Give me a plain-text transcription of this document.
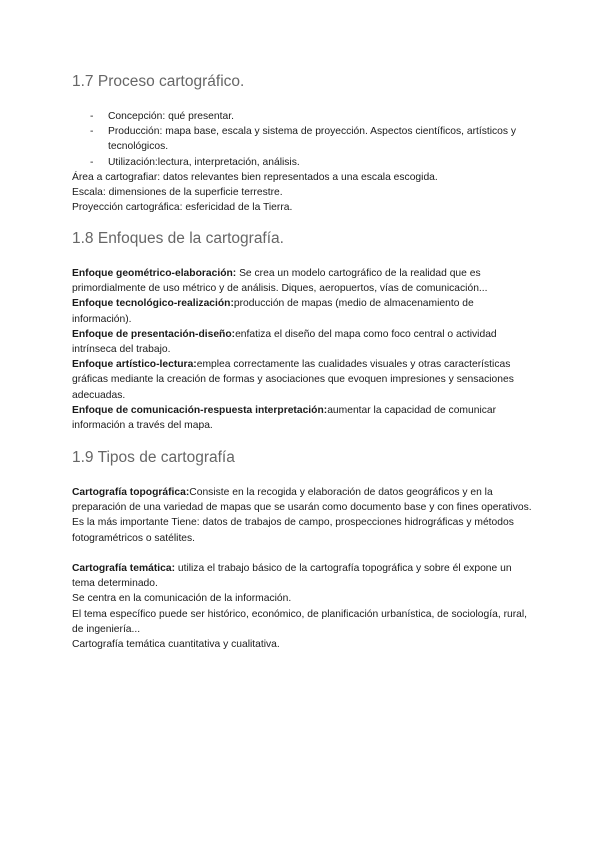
1.7 Proceso cartográfico.
- Concepción: qué presentar.
- Producción: mapa base, escala y sistema de proyección. Aspectos científicos, artísticos y tecnológicos.
- Utilización:lectura, interpretación, análisis.

Área a cartografiar: datos relevantes bien representados a una escala escogida.

Escala: dimensiones de la superficie terrestre.

Proyección cartográfica: esfericidad de la Tierra.

1.8 Enfoques de la cartografía.

Enfoque geométrico-elaboración: Se crea un modelo cartográfico de la realidad que es primordialmente de uso métrico y de análisis. Diques, aeropuertos, vías de comunicación...

Enfoque tecnológico-realización:producción de mapas (medio de almacenamiento de información).

Enfoque de presentación-diseño:enfatiza el diseño del mapa como foco central o actividad intrínseca del trabajo.

Enfoque artístico-lectura:emplea correctamente las cualidades visuales y otras características gráficas mediante la creación de formas y asociaciones que evoquen impresiones y sensaciones adecuadas.

Enfoque de comunicación-respuesta interpretación:aumentar la capacidad de comunicar información a través del mapa.

1.9 Tipos de cartografía

Cartografía topográfica:Consiste en la recogida y elaboración de datos geográficos y en la preparación de una variedad de mapas que se usarán como documento base y con fines operativos. Es la más importante Tiene: datos de trabajos de campo, prospecciones hidrográficas y métodos fotogramétricos o satélites.

Cartografía temática: utiliza el trabajo básico de la cartografía topográfica y sobre él expone un tema determinado.

Se centra en la comunicación de la información.

El tema específico puede ser histórico, económico, de planificación urbanística, de sociología, rural, de ingeniería...

Cartografía temática cuantitativa y cualitativa.
